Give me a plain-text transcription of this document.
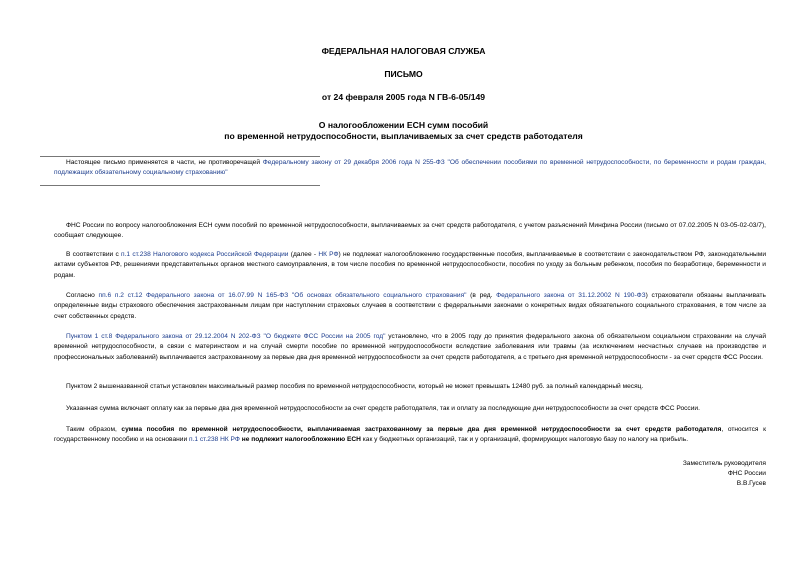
ФЕДЕРАЛЬНАЯ НАЛОГОВАЯ СЛУЖБА
ПИСЬМО
от 24 февраля 2005 года N ГВ-6-05/149
О налогообложении ЕСН сумм пособий
по временной нетрудоспособности, выплачиваемых за счет средств работодателя
Настоящее письмо применяется в части, не противоречащей Федеральному закону от 29 декабря 2006 года N 255-ФЗ "Об обеспечении пособиями по временной нетрудоспособности, по беременности и родам граждан, подлежащих обязательному социальному страхованию"
ФНС России по вопросу налогообложения ЕСН сумм пособий по временной нетрудоспособности, выплачиваемых за счет средств работодателя, с учетом разъяснений Минфина России (письмо от 07.02.2005 N 03-05-02-03/7), сообщает следующее.
В соответствии с п.1 ст.238 Налогового кодекса Российской Федерации (далее - НК РФ) не подлежат налогообложению государственные пособия, выплачиваемые в соответствии с законодательством РФ, законодательными актами субъектов РФ, решениями представительных органов местного самоуправления, в том числе пособия по временной нетрудоспособности, пособия по уходу за больным ребенком, пособия по безработице, беременности и родам.
Согласно пп.6 п.2 ст.12 Федерального закона от 16.07.99 N 165-ФЗ "Об основах обязательного социального страхования" (в ред. Федерального закона от 31.12.2002 N 190-ФЗ) страхователи обязаны выплачивать определенные виды страхового обеспечения застрахованным лицам при наступлении страховых случаев в соответствии с федеральными законами о конкретных видах обязательного социального страхования, в том числе за счет собственных средств.
Пунктом 1 ст.8 Федерального закона от 29.12.2004 N 202-ФЗ "О бюджете ФСС России на 2005 год" установлено, что в 2005 году до принятия федерального закона об обязательном социальном страховании на случай временной нетрудоспособности, в связи с материнством и на случай смерти пособие по временной нетрудоспособности вследствие заболевания или травмы (за исключением несчастных случаев на производстве и профессиональных заболеваний) выплачивается застрахованному за первые два дня временной нетрудоспособности за счет средств работодателя, а с третьего дня временной нетрудоспособности - за счет средств ФСС России.
Пунктом 2 вышеназванной статьи установлен максимальный размер пособия по временной нетрудоспособности, который не может превышать 12480 руб. за полный календарный месяц.
Указанная сумма включает оплату как за первые два дня временной нетрудоспособности за счет средств работодателя, так и оплату за последующие дни нетрудоспособности за счет средств ФСС России.
Таким образом, сумма пособия по временной нетрудоспособности, выплачиваемая застрахованному за первые два дня временной нетрудоспособности за счет средств работодателя, относится к государственному пособию и на основании п.1 ст.238 НК РФ не подлежит налогообложению ЕСН как у бюджетных организаций, так и у организаций, формирующих налоговую базу по налогу на прибыль.
Заместитель руководителя
ФНС России
В.В.Гусев
